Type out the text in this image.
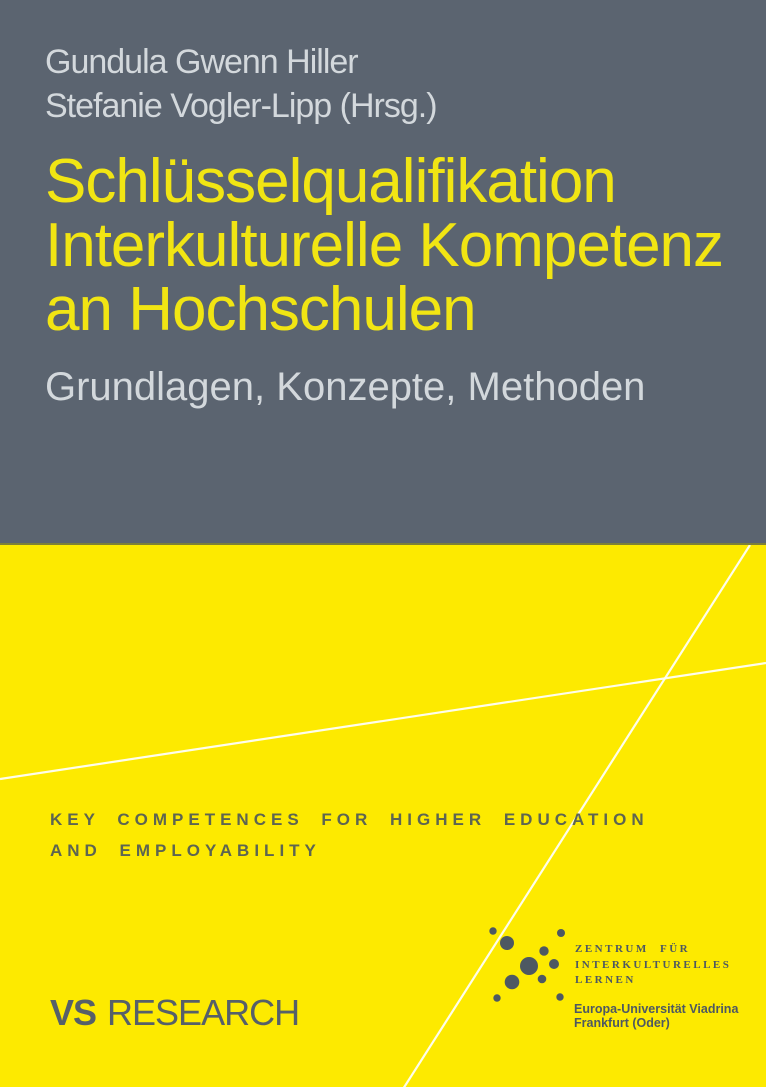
Gundula Gwenn Hiller
Stefanie Vogler-Lipp (Hrsg.)
Schlüsselqualifikation
Interkulturelle Kompetenz
an Hochschulen
Grundlagen, Konzepte, Methoden
KEY COMPETENCES FOR HIGHER EDUCATION
AND EMPLOYABILITY
VS RESEARCH
ZENTRUM FÜR
INTERKULTURELLES
LERNEN
Europa-Universität Viadrina
Frankfurt (Oder)
